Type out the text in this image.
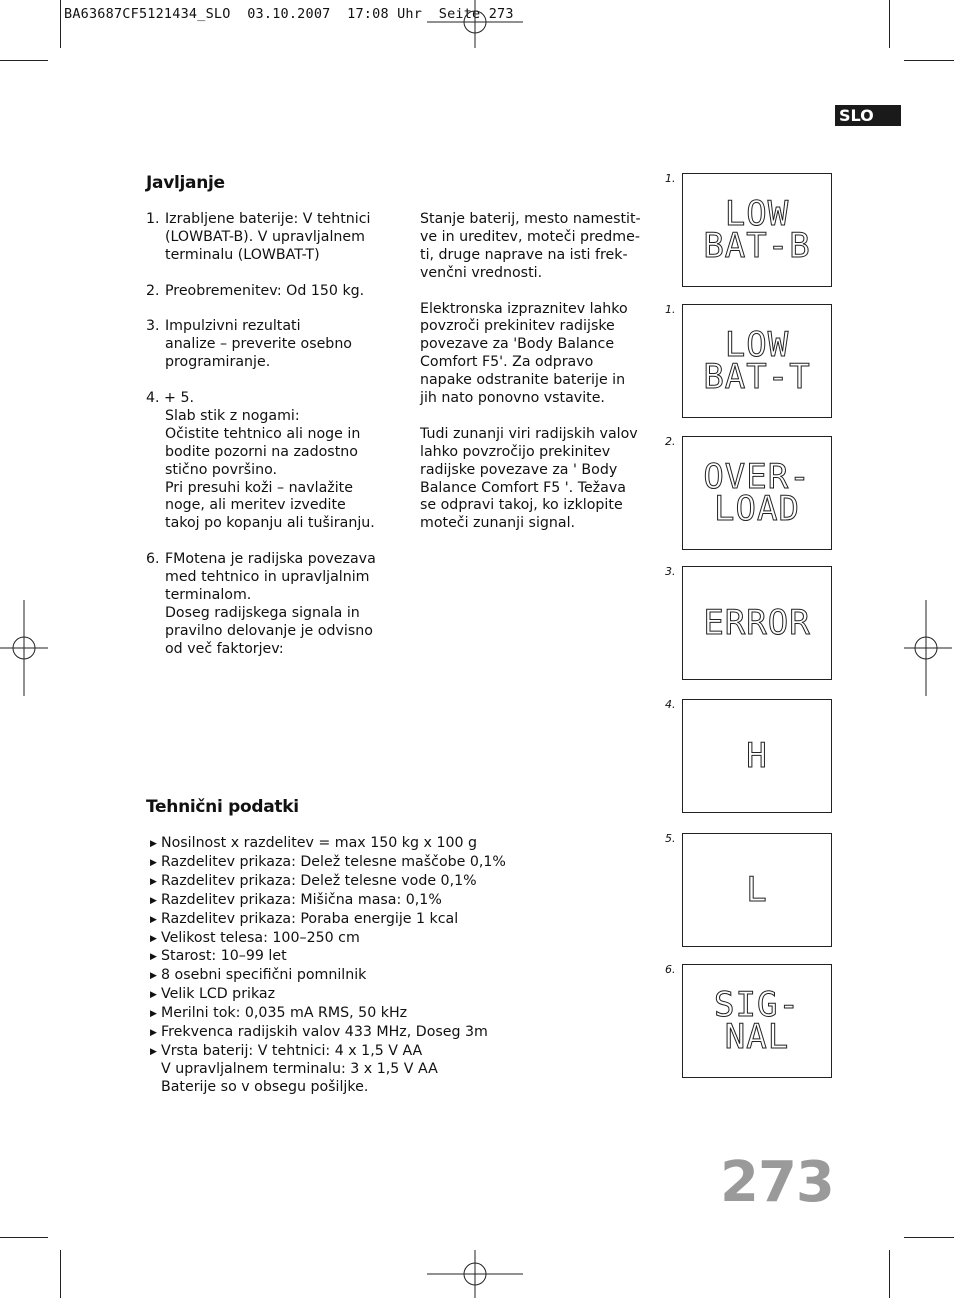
BA63687CF5121434_SLO  03.10.2007  17:08 Uhr  Seite 273
SLO
Javljanje
1. Izrabljene baterije: V tehtnici
(LOWBAT-B). V upravljalnem
terminalu (LOWBAT-T)
2. Preobremenitev: Od 150 kg.
3. Impulzivni rezultati
analize – preverite osebno
programiranje.
4. + 5.
Slab stik z nogami:
Očistite tehtnico ali noge in
bodite pozorni na zadostno
stično površino.
Pri presuhi koži – navlažite
noge, ali meritev izvedite
takoj po kopanju ali tuširanju.
6. FMotena je radijska povezava
med tehtnico in upravljalnim
terminalom.
Doseg radijskega signala in
pravilno delovanje je odvisno
od več faktorjev:

Stanje baterij, mesto namestit-
ve in ureditev, moteči predme-
ti, druge naprave na isti frek-
venčni vrednosti.

Elektronska izpraznitev lahko
povzroči prekinitev radijske
povezave za 'Body Balance
Comfort F5'. Za odpravo
napake odstranite baterije in
jih nato ponovno vstavite.

Tudi zunanji viri radijskih valov
lahko povzročijo prekinitev
radijske povezave za ' Body
Balance Comfort F5 '. Težava
se odpravi takoj, ko izklopite
moteči zunanji signal.

Tehnični podatki
▶ Nosilnost x razdelitev = max 150 kg x 100 g
▶ Razdelitev prikaza: Delež telesne maščobe 0,1%
▶ Razdelitev prikaza: Delež telesne vode 0,1%
▶ Razdelitev prikaza: Mišična masa: 0,1%
▶ Razdelitev prikaza: Poraba energije 1 kcal
▶ Velikost telesa: 100–250 cm
▶ Starost: 10–99 let
▶ 8 osebni specifični pomnilnik
▶ Velik LCD prikaz
▶ Merilni tok: 0,035 mA RMS, 50 kHz
▶ Frekvenca radijskih valov 433 MHz, Doseg 3m
▶ Vrsta baterij: V tehtnici: 4 x 1,5 V AA
V upravljalnem terminalu: 3 x 1,5 V AA
Baterije so v obsegu pošiljke.
1.
LOW
BAT-B
1.
LOW
BAT-T
2.
OVER-
LOAD
3.
ERROR
4.
H
5.
L
6.
SIG-
NAL
273
